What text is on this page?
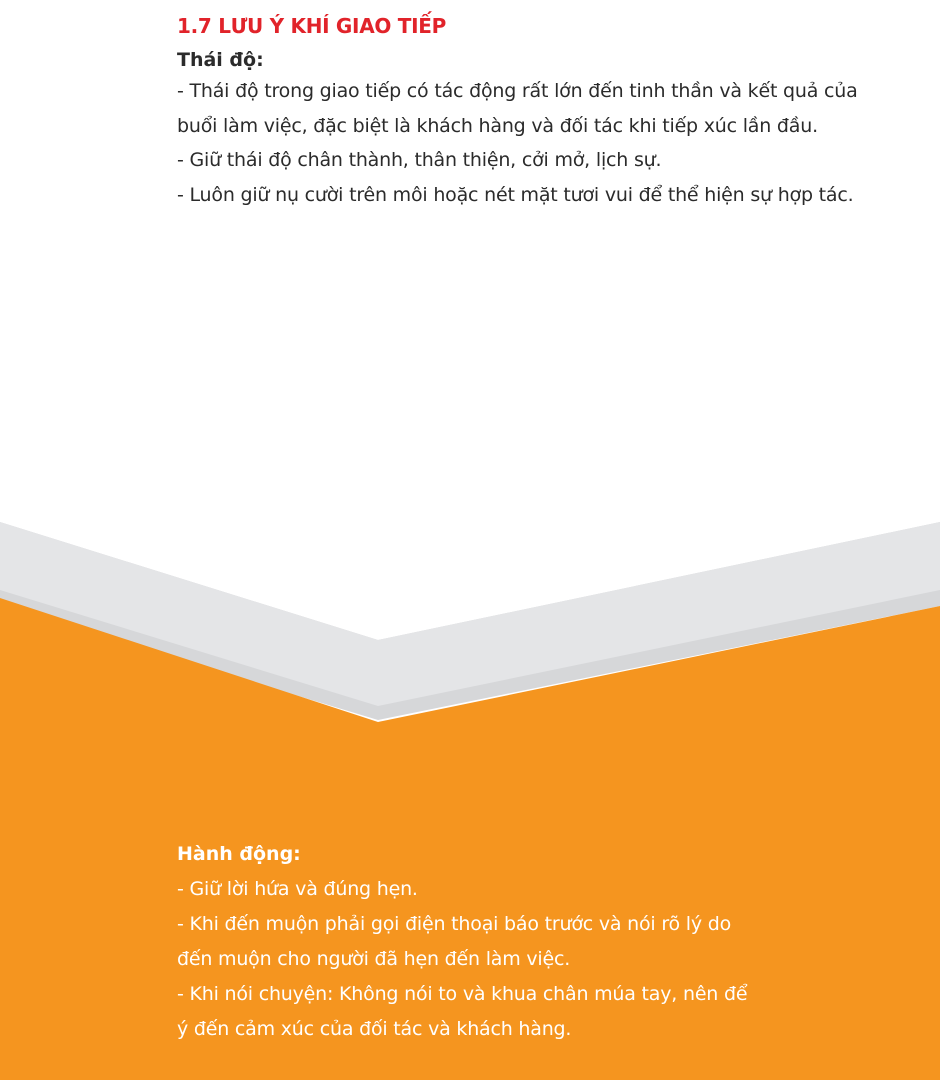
1.7 LƯU Ý KHÍ GIAO TIẾP
Thái độ:

- Thái độ trong giao tiếp có tác động rất lớn đến tinh thần và kết quả của

buổi làm việc, đặc biệt là khách hàng và đối tác khi tiếp xúc lần đầu.

- Giữ thái độ chân thành, thân thiện, cởi mở, lịch sự.

- Luôn giữ nụ cười trên môi hoặc nét mặt tươi vui để thể hiện sự hợp tác.

Hành động:

- Giữ lời hứa và đúng hẹn.

- Khi đến muộn phải gọi điện thoại báo trước và nói rõ lý do

đến muộn cho người đã hẹn đến làm việc.

- Khi nói chuyện: Không nói to và khua chân múa tay, nên để

ý đến cảm xúc của đối tác và khách hàng.
